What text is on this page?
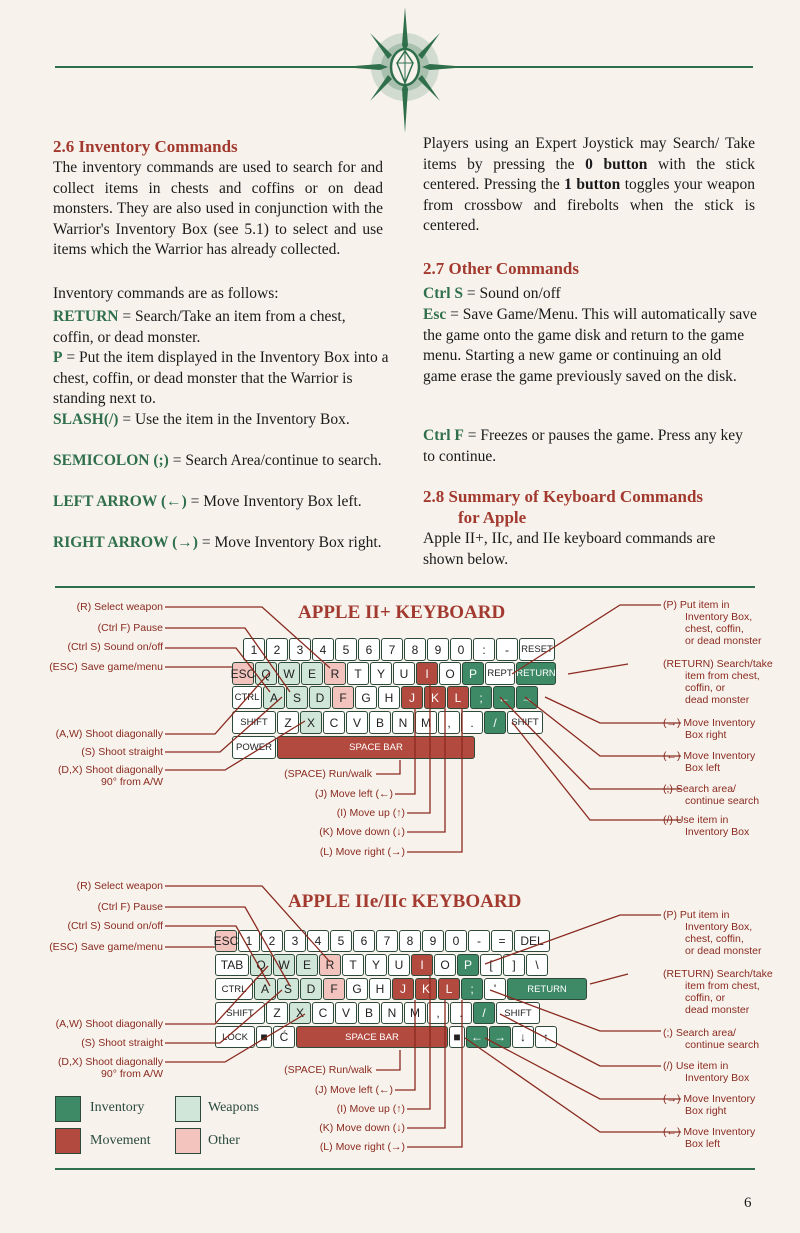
2.6 Inventory Commands
The inventory commands are used to search for and collect items in chests and coffins or on dead monsters. They are also used in conjunction with the Warrior's Inventory Box (see 5.1) to select and use items which the Warrior has already collected.
Inventory commands are as follows:
RETURN = Search/Take an item from a chest, coffin, or dead monster.
P = Put the item displayed in the Inventory Box into a chest, coffin, or dead monster that the Warrior is standing next to.
SLASH(/) = Use the item in the Inventory Box.
SEMICOLON (;) = Search Area/continue to search.
LEFT ARROW (←) = Move Inventory Box left.
RIGHT ARROW (→) = Move Inventory Box right.
Players using an Expert Joystick may Search/ Take items by pressing the 0 button with the stick centered. Pressing the 1 button toggles your weapon from crossbow and firebolts when the stick is centered.
2.7 Other Commands
Ctrl S = Sound on/off
Esc = Save Game/Menu. This will automatically save the game onto the game disk and return to the game menu. Starting a new game or continuing an old game erase the game previously saved on the disk.
Ctrl F = Freezes or pauses the game. Press any key to continue.
2.8 Summary of Keyboard Commands
for Apple
Apple II+, IIc, and IIe keyboard commands are shown below.
APPLE II+ KEYBOARD
(R) Select weapon
(Ctrl F) Pause
(Ctrl S) Sound on/off
(ESC) Save game/menu
(A,W) Shoot diagonally
(S) Shoot straight
(D,X) Shoot diagonally
90° from A/W
(P) Put item in
Inventory Box,
chest, coffin,
or dead monster
(RETURN) Search/take
item from chest,
coffin, or
dead monster
(→) Move Inventory
Box right
(←) Move Inventory
Box left
(;) Search area/
continue search
(/) Use item in
Inventory Box
(SPACE) Run/walk
(J) Move left (←)
(I) Move up (↑)
(K) Move down (↓)
(L) Move right (→)
1	2	3	4	5	6	7	8	9	0	:	-	RESET
ESC Q	W	E	R	T	Y	U	I	O	P	REPT RETURN
CTRL A	S	D	F	G	H	J	K	L	;	← →
SHIFT	Z	X	C	V	B	N	M	,	.	/	SHIFT
POWER	SPACE BAR
APPLE IIe/IIc KEYBOARD
(R) Select weapon
(Ctrl F) Pause
(Ctrl S) Sound on/off
(ESC) Save game/menu
(A,W) Shoot diagonally
(S) Shoot straight
(D,X) Shoot diagonally
90° from A/W
(P) Put item in
Inventory Box,
chest, coffin,
or dead monster
(RETURN) Search/take
item from chest,
coffin, or
dead monster
(;) Search area/
continue search
(/) Use item in
Inventory Box
(→) Move Inventory
Box right
(←) Move Inventory
Box left
(SPACE) Run/walk
(J) Move left (←)
(I) Move up (↑)
(K) Move down (↓)
(L) Move right (→)
ESC 1	2	3	4	5	6	7	8	9	0	-	=	DEL
TAB	Q	W	E	R	T	Y	U	I	O	P	[	]	\
CTRL	A	S	D	F	G	H	J	K	L	;	'	RETURN
SHIFT	Z	X	C	V	B	N	M	,	.	/	SHIFT
LOCK	■	Ć	SPACE BAR	■ ← →	↓	↑
Inventory	Weapons
Movement	Other
6
